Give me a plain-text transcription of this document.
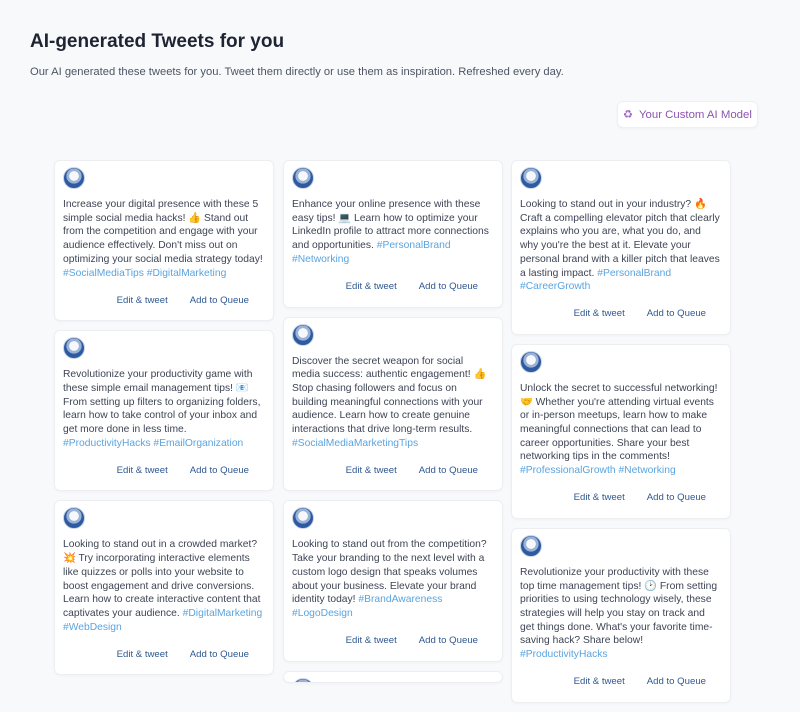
AI-generated Tweets for you
Our AI generated these tweets for you. Tweet them directly or use them as inspiration. Refreshed every day.
♻ Your Custom AI Model

Increase your digital presence with these 5 simple social media hacks! 👍 Stand out from the competition and engage with your audience effectively. Don't miss out on optimizing your social media strategy today! #SocialMediaTips #DigitalMarketing

Edit & tweet	Add to Queue

Revolutionize your productivity game with these simple email management tips! 📧 From setting up filters to organizing folders, learn how to take control of your inbox and get more done in less time. #ProductivityHacks #EmailOrganization

Edit & tweet	Add to Queue

Looking to stand out in a crowded market? 💥 Try incorporating interactive elements like quizzes or polls into your website to boost engagement and drive conversions. Learn how to create interactive content that captivates your audience. #DigitalMarketing #WebDesign

Edit & tweet	Add to Queue

Enhance your online presence with these easy tips! 💻 Learn how to optimize your LinkedIn profile to attract more connections and opportunities. #PersonalBrand #Networking

Edit & tweet	Add to Queue

Discover the secret weapon for social media success: authentic engagement! 👍 Stop chasing followers and focus on building meaningful connections with your audience. Learn how to create genuine interactions that drive long-term results. #SocialMediaMarketingTips

Edit & tweet	Add to Queue

Looking to stand out from the competition? Take your branding to the next level with a custom logo design that speaks volumes about your business. Elevate your brand identity today! #BrandAwareness #LogoDesign

Edit & tweet	Add to Queue

Looking to stand out in your industry? 🔥 Craft a compelling elevator pitch that clearly explains who you are, what you do, and why you're the best at it. Elevate your personal brand with a killer pitch that leaves a lasting impact. #PersonalBrand #CareerGrowth

Edit & tweet	Add to Queue

Unlock the secret to successful networking! 🤝 Whether you're attending virtual events or in-person meetups, learn how to make meaningful connections that can lead to career opportunities. Share your best networking tips in the comments! #ProfessionalGrowth #Networking

Edit & tweet	Add to Queue

Revolutionize your productivity with these top time management tips! 🕑 From setting priorities to using technology wisely, these strategies will help you stay on track and get things done. What's your favorite time-saving hack? Share below! #ProductivityHacks

Edit & tweet	Add to Queue
